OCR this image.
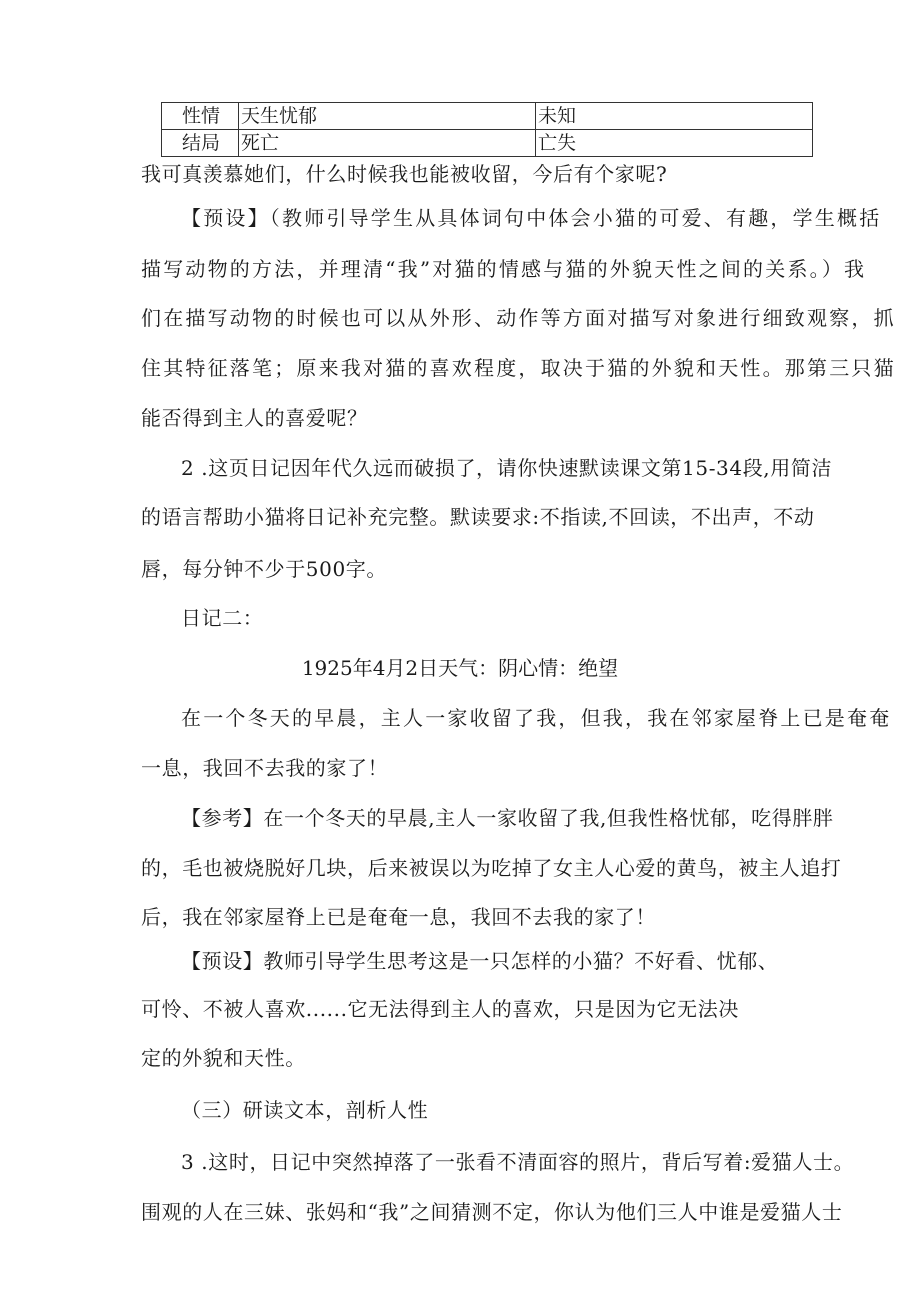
性情	天生忧郁	未知
结局	死亡	亡失
我可真羡慕她们，什么时候我也能被收留，今后有个家呢?
【预设】（教师引导学生从具体词句中体会小猫的可爱、有趣，学生概括
描写动物的方法，并理清“我”对猫的情感与猫的外貌天性之间的关系。）我
们在描写动物的时候也可以从外形、动作等方面对描写对象进行细致观察，抓
住其特征落笔；原来我对猫的喜欢程度，取决于猫的外貌和天性。那第三只猫
能否得到主人的喜爱呢？
2 .这页日记因年代久远而破损了，请你快速默读课文第15-34段,用简洁
的语言帮助小猫将日记补充完整。默读要求:不指读,不回读，不出声，不动
唇，每分钟不少于500字。
日记二：
1925年4月2日天气：阴心情：绝望
在一个冬天的早晨，主人一家收留了我，但我，我在邻家屋脊上已是奄奄
一息，我回不去我的家了！
【参考】在一个冬天的早晨,主人一家收留了我,但我性格忧郁，吃得胖胖
的，毛也被烧脱好几块，后来被误以为吃掉了女主人心爱的黄鸟，被主人追打
后，我在邻家屋脊上已是奄奄一息，我回不去我的家了！
【预设】教师引导学生思考这是一只怎样的小猫？不好看、忧郁、
可怜、不被人喜欢......它无法得到主人的喜欢，只是因为它无法决
定的外貌和天性。
（三）研读文本，剖析人性
3 .这时，日记中突然掉落了一张看不清面容的照片，背后写着:爱猫人士。
围观的人在三妹、张妈和“我”之间猜测不定，你认为他们三人中谁是爱猫人士
